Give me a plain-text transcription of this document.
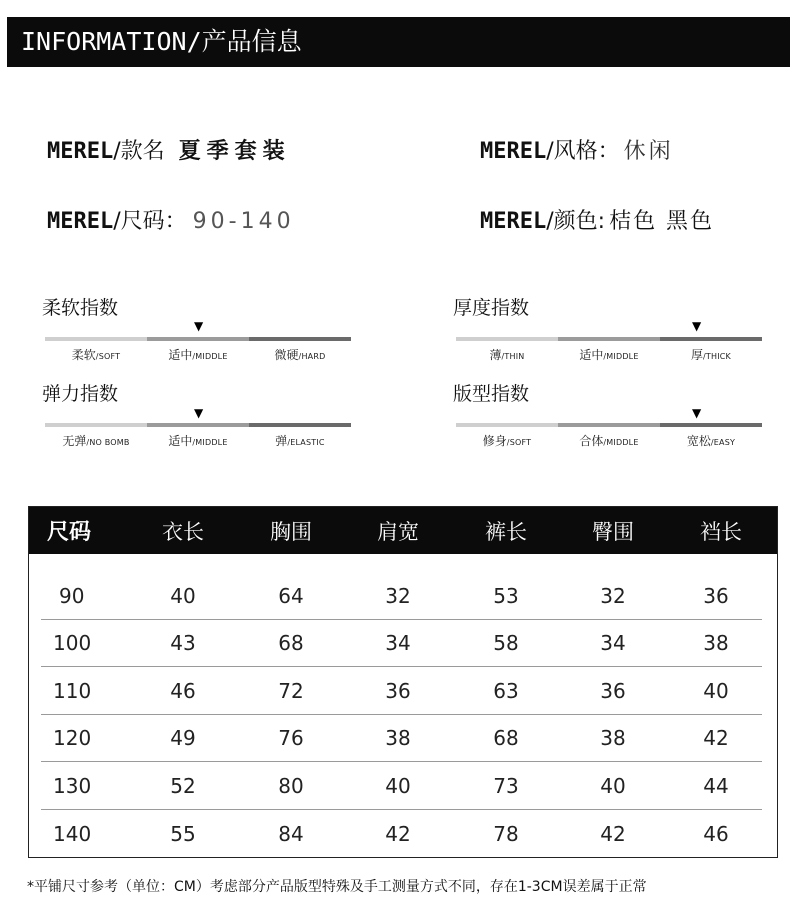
INFORMATION/产品信息
MEREL/款名 夏季套装	MEREL/风格： 休闲
MEREL/尺码： 90-140	MEREL/颜色: 桔色 黑色
柔软指数
▼
柔软/SOFT	适中/MIDDLE	微硬/HARD
厚度指数
▼
薄/THIN	适中/MIDDLE	厚/THICK
弹力指数
▼
无弹/NO BOMB	适中/MIDDLE	弹/ELASTIC
版型指数
▼
修身/SOFT	合体/MIDDLE	宽松/EASY
尺码	衣长	胸围	肩宽	裤长	臀围	裆长
90	40	64	32	53	32	36
100	43	68	34	58	34	38
110	46	72	36	63	36	40
120	49	76	38	68	38	42
130	52	80	40	73	40	44
140	55	84	42	78	42	46
*平铺尺寸参考（单位：CM）考虑部分产品版型特殊及手工测量方式不同，存在1-3CM误差属于正常
